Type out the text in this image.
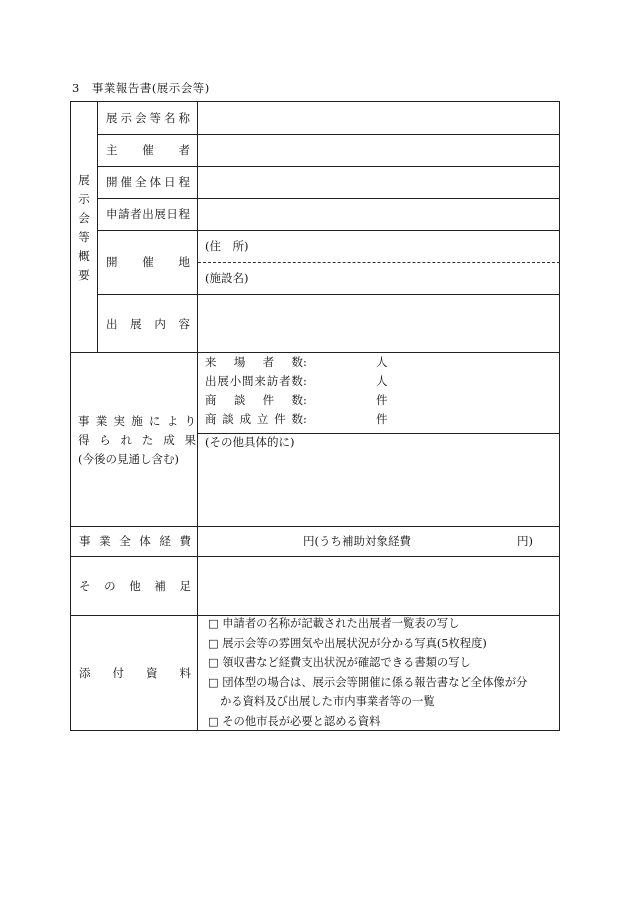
3　事業報告書(展示会等)
展
示
会
等
概
要
展 示 会 等 名 称
主 催 者
開 催 全 体 日 程
申 請 者 出 展 日 程
開 催 地
(住　所)
(施設名)
出 展 内 容
事 業 実 施 に よ り
得 ら れ た 成 果
(今後の見通し含む)
来 場 者 数 :	人
出 展 小 間 来 訪 者 数 :	人
商 談 件 数 :	件
商 談 成 立 件 数 :	件
(その他具体的に)
事 業 全 体 経 費	円(うち補助対象経費	円)
そ の 他 補 足
添 付 資 料
□ 申請者の名称が記載された出展者一覧表の写し
□ 展示会等の雰囲気や出展状況が分かる写真(5枚程度)
□ 領収書など経費支出状況が確認できる書類の写し
□ 団体型の場合は、展示会等開催に係る報告書など全体像が分
かる資料及び出展した市内事業者等の一覧
□ その他市長が必要と認める資料
